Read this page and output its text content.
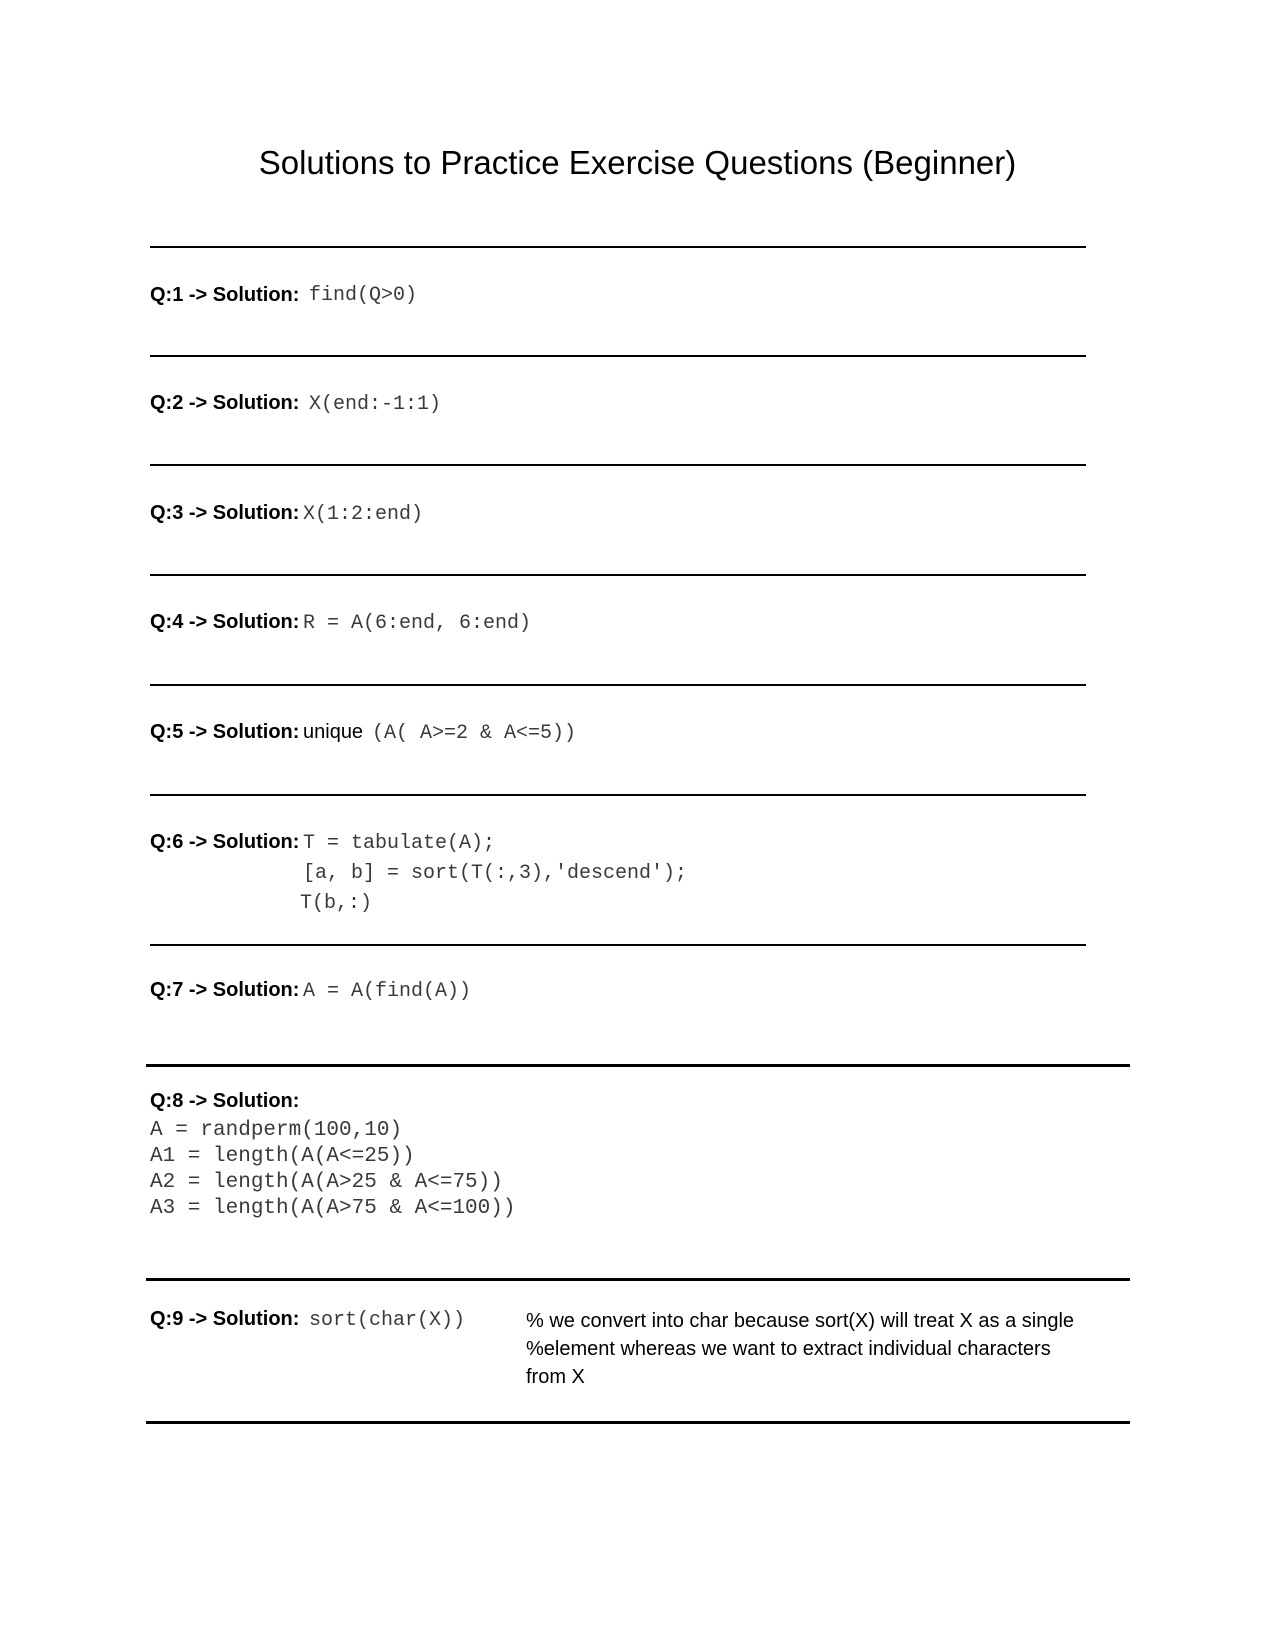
Solutions to Practice Exercise Questions (Beginner)
Q:1 -> Solution: find(Q>0)
Q:2 -> Solution: X(end:-1:1)
Q:3 -> Solution: X(1:2:end)
Q:4 -> Solution: R = A(6:end, 6:end)
Q:5 -> Solution: unique (A( A>=2 & A<=5))
Q:6 -> Solution: T = tabulate(A);
[a, b] = sort(T(:,3),'descend');
T(b,:)
Q:7 -> Solution: A = A(find(A))
Q:8 -> Solution:
A = randperm(100,10)
A1 = length(A(A<=25))
A2 = length(A(A>25 & A<=75))
A3 = length(A(A>75 & A<=100))
Q:9 -> Solution: sort(char(X))	% we convert into char because sort(X) will treat X as a single
%element whereas we want to extract individual characters
from X
